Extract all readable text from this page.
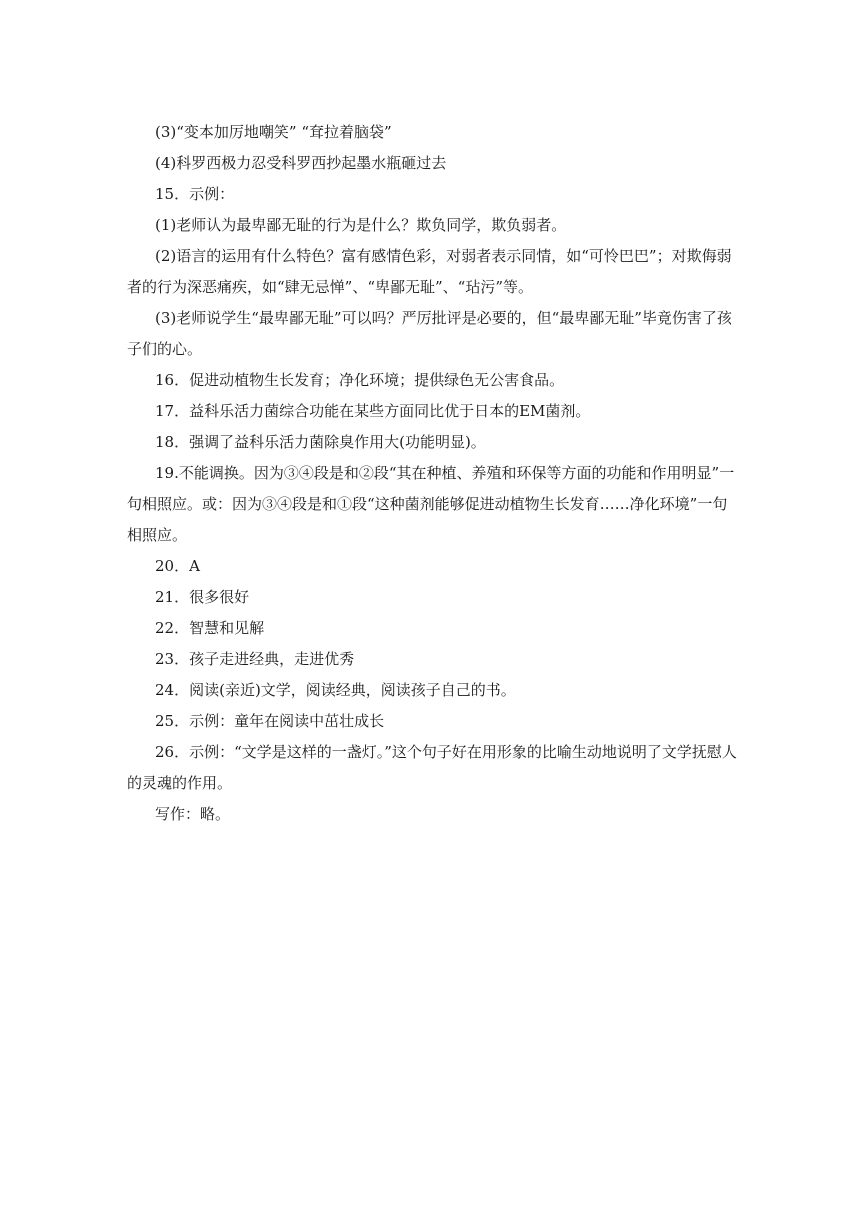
(3)“变本加厉地嘲笑” “耷拉着脑袋”

(4)科罗西极力忍受科罗西抄起墨水瓶砸过去

15．示例：

(1)老师认为最卑鄙无耻的行为是什么？欺负同学，欺负弱者。

(2)语言的运用有什么特色？富有感情色彩，对弱者表示同情，如“可怜巴巴”；对欺侮弱者的行为深恶痛疾，如“肆无忌惮”、“卑鄙无耻”、“玷污”等。

(3)老师说学生“最卑鄙无耻”可以吗？严厉批评是必要的，但“最卑鄙无耻”毕竟伤害了孩子们的心。

16．促进动植物生长发育；净化环境；提供绿色无公害食品。

17．益科乐活力菌综合功能在某些方面同比优于日本的EM菌剂。

18．强调了益科乐活力菌除臭作用大(功能明显)。

19.不能调换。因为③④段是和②段“其在种植、养殖和环保等方面的功能和作用明显”一句相照应。或：因为③④段是和①段“这种菌剂能够促进动植物生长发育……净化环境”一句相照应。

20．A

21．很多很好

22．智慧和见解

23．孩子走进经典，走进优秀

24．阅读(亲近)文学，阅读经典，阅读孩子自己的书。

25．示例：童年在阅读中茁壮成长

26．示例：“文学是这样的一盏灯。”这个句子好在用形象的比喻生动地说明了文学抚慰人的灵魂的作用。

写作：略。
